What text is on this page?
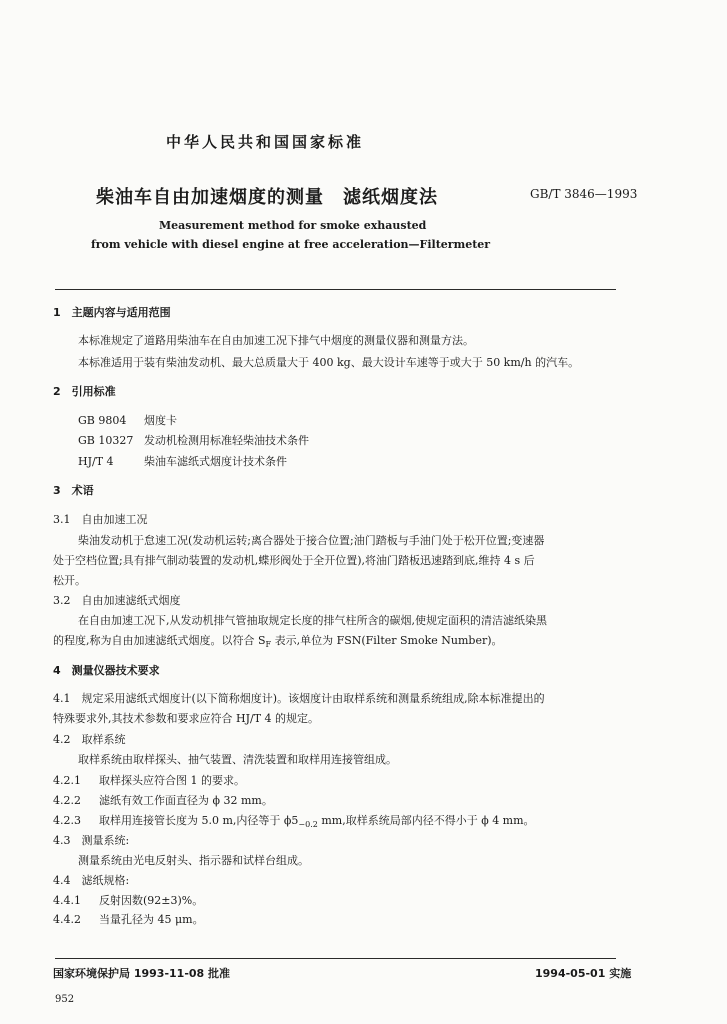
中华人民共和国国家标准
柴油车自由加速烟度的测量　滤纸烟度法	GB/T 3846—1993
Measurement method for smoke exhausted
from vehicle with diesel engine at free acceleration—Filtermeter
1　主题内容与适用范围
本标准规定了道路用柴油车在自由加速工况下排气中烟度的测量仪器和测量方法。
本标准适用于装有柴油发动机、最大总质量大于 400 kg、最大设计车速等于或大于 50 km/h 的汽车。
2　引用标准
GB 9804 烟度卡
GB 10327 发动机检测用标准轻柴油技术条件
HJ/T 4	柴油车滤纸式烟度计技术条件
3　术语
3.1　自由加速工况
柴油发动机于怠速工况(发动机运转;离合器处于接合位置;油门踏板与手油门处于松开位置;变速器
处于空档位置;具有排气制动装置的发动机,蝶形阀处于全开位置),将油门踏板迅速踏到底,维持 4 s 后
松开。
3.2　自由加速滤纸式烟度
在自由加速工况下,从发动机排气管抽取规定长度的排气柱所含的碳烟,使规定面积的清洁滤纸染黑
的程度,称为自由加速滤纸式烟度。以符合 $S_F$ 表示,单位为 FSN(Filter Smoke Number)。
4　测量仪器技术要求
4.1　规定采用滤纸式烟度计(以下简称烟度计)。该烟度计由取样系统和测量系统组成,除本标准提出的
特殊要求外,其技术参数和要求应符合 HJ/T 4 的规定。
4.2　取样系统
取样系统由取样探头、抽气装置、清洗装置和取样用连接管组成。
4.2.1 取样探头应符合图 1 的要求。
4.2.2 滤纸有效工作面直径为 ϕ 32 mm。
4.2.3 取样用连接管长度为 5.0 m,内径等于 $\phi 5_{-0.2}$ mm,取样系统局部内径不得小于 ϕ 4 mm。
4.3　测量系统:
测量系统由光电反射头、指示器和试样台组成。
4.4　滤纸规格:
4.4.1 反射因数(92±3)%。
4.4.2 当量孔径为 45 μm。
国家环境保护局 1993-11-08 批准	1994-05-01 实施
952
